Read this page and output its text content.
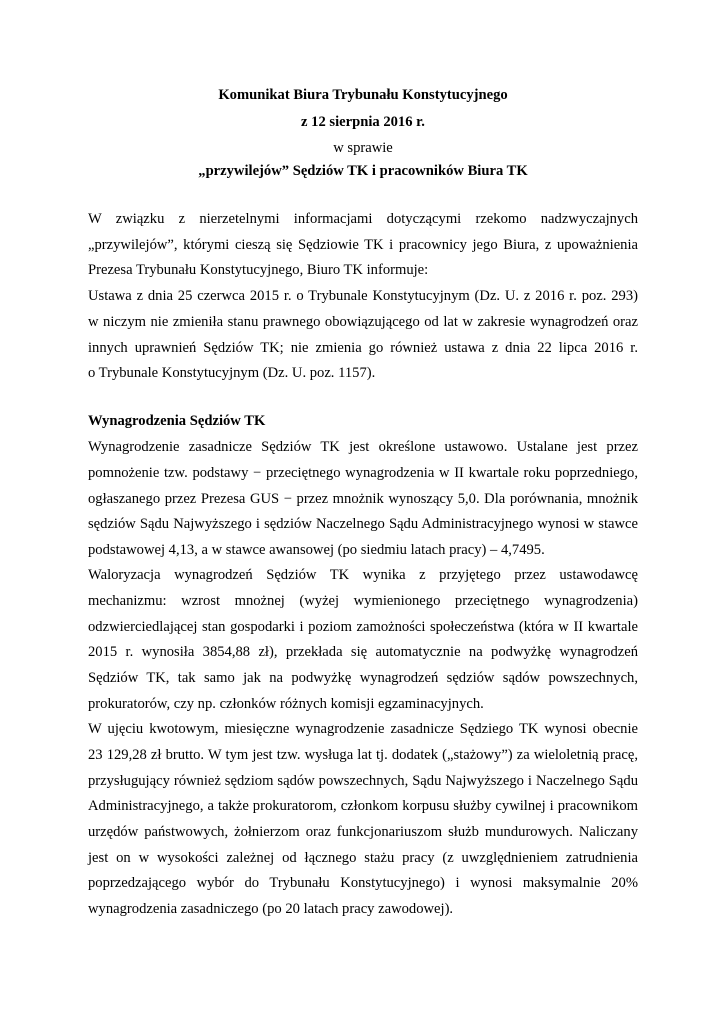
Komunikat Biura Trybunału Konstytucyjnego

z 12 sierpnia 2016 r.

w sprawie

„przywilejów” Sędziów TK i pracowników Biura TK

W związku z nierzetelnymi informacjami dotyczącymi rzekomo nadzwyczajnych

„przywilejów”, którymi cieszą się Sędziowie TK i pracownicy jego Biura, z upoważnienia

Prezesa Trybunału Konstytucyjnego, Biuro TK informuje:

Ustawa z dnia 25 czerwca 2015 r. o Trybunale Konstytucyjnym (Dz. U. z 2016 r. poz. 293)

w niczym nie zmieniła stanu prawnego obowiązującego od lat w zakresie wynagrodzeń oraz

innych uprawnień Sędziów TK; nie zmienia go również ustawa z dnia 22 lipca 2016 r.

o Trybunale Konstytucyjnym (Dz. U. poz. 1157).

Wynagrodzenia Sędziów TK

Wynagrodzenie zasadnicze Sędziów TK jest określone ustawowo. Ustalane jest przez

pomnożenie tzw. podstawy − przeciętnego wynagrodzenia w II kwartale roku poprzedniego,

ogłaszanego przez Prezesa GUS − przez mnożnik wynoszący 5,0. Dla porównania, mnożnik

sędziów Sądu Najwyższego i sędziów Naczelnego Sądu Administracyjnego wynosi w stawce

podstawowej 4,13, a w stawce awansowej (po siedmiu latach pracy) – 4,7495.

Waloryzacja wynagrodzeń Sędziów TK wynika z przyjętego przez ustawodawcę

mechanizmu: wzrost mnożnej (wyżej wymienionego przeciętnego wynagrodzenia)

odzwierciedlającej stan gospodarki i poziom zamożności społeczeństwa (która w II kwartale

2015 r. wynosiła 3854,88 zł), przekłada się automatycznie na podwyżkę wynagrodzeń

Sędziów TK, tak samo jak na podwyżkę wynagrodzeń sędziów sądów powszechnych,

prokuratorów, czy np. członków różnych komisji egzaminacyjnych.

W ujęciu kwotowym, miesięczne wynagrodzenie zasadnicze Sędziego TK wynosi obecnie

23 129,28 zł brutto. W tym jest tzw. wysługa lat tj. dodatek („stażowy”) za wieloletnią pracę,

przysługujący również sędziom sądów powszechnych, Sądu Najwyższego i Naczelnego Sądu

Administracyjnego, a także prokuratorom, członkom korpusu służby cywilnej i pracownikom

urzędów państwowych, żołnierzom oraz funkcjonariuszom służb mundurowych. Naliczany

jest on w wysokości zależnej od łącznego stażu pracy (z uwzględnieniem zatrudnienia

poprzedzającego wybór do Trybunału Konstytucyjnego) i wynosi maksymalnie 20%

wynagrodzenia zasadniczego (po 20 latach pracy zawodowej).
